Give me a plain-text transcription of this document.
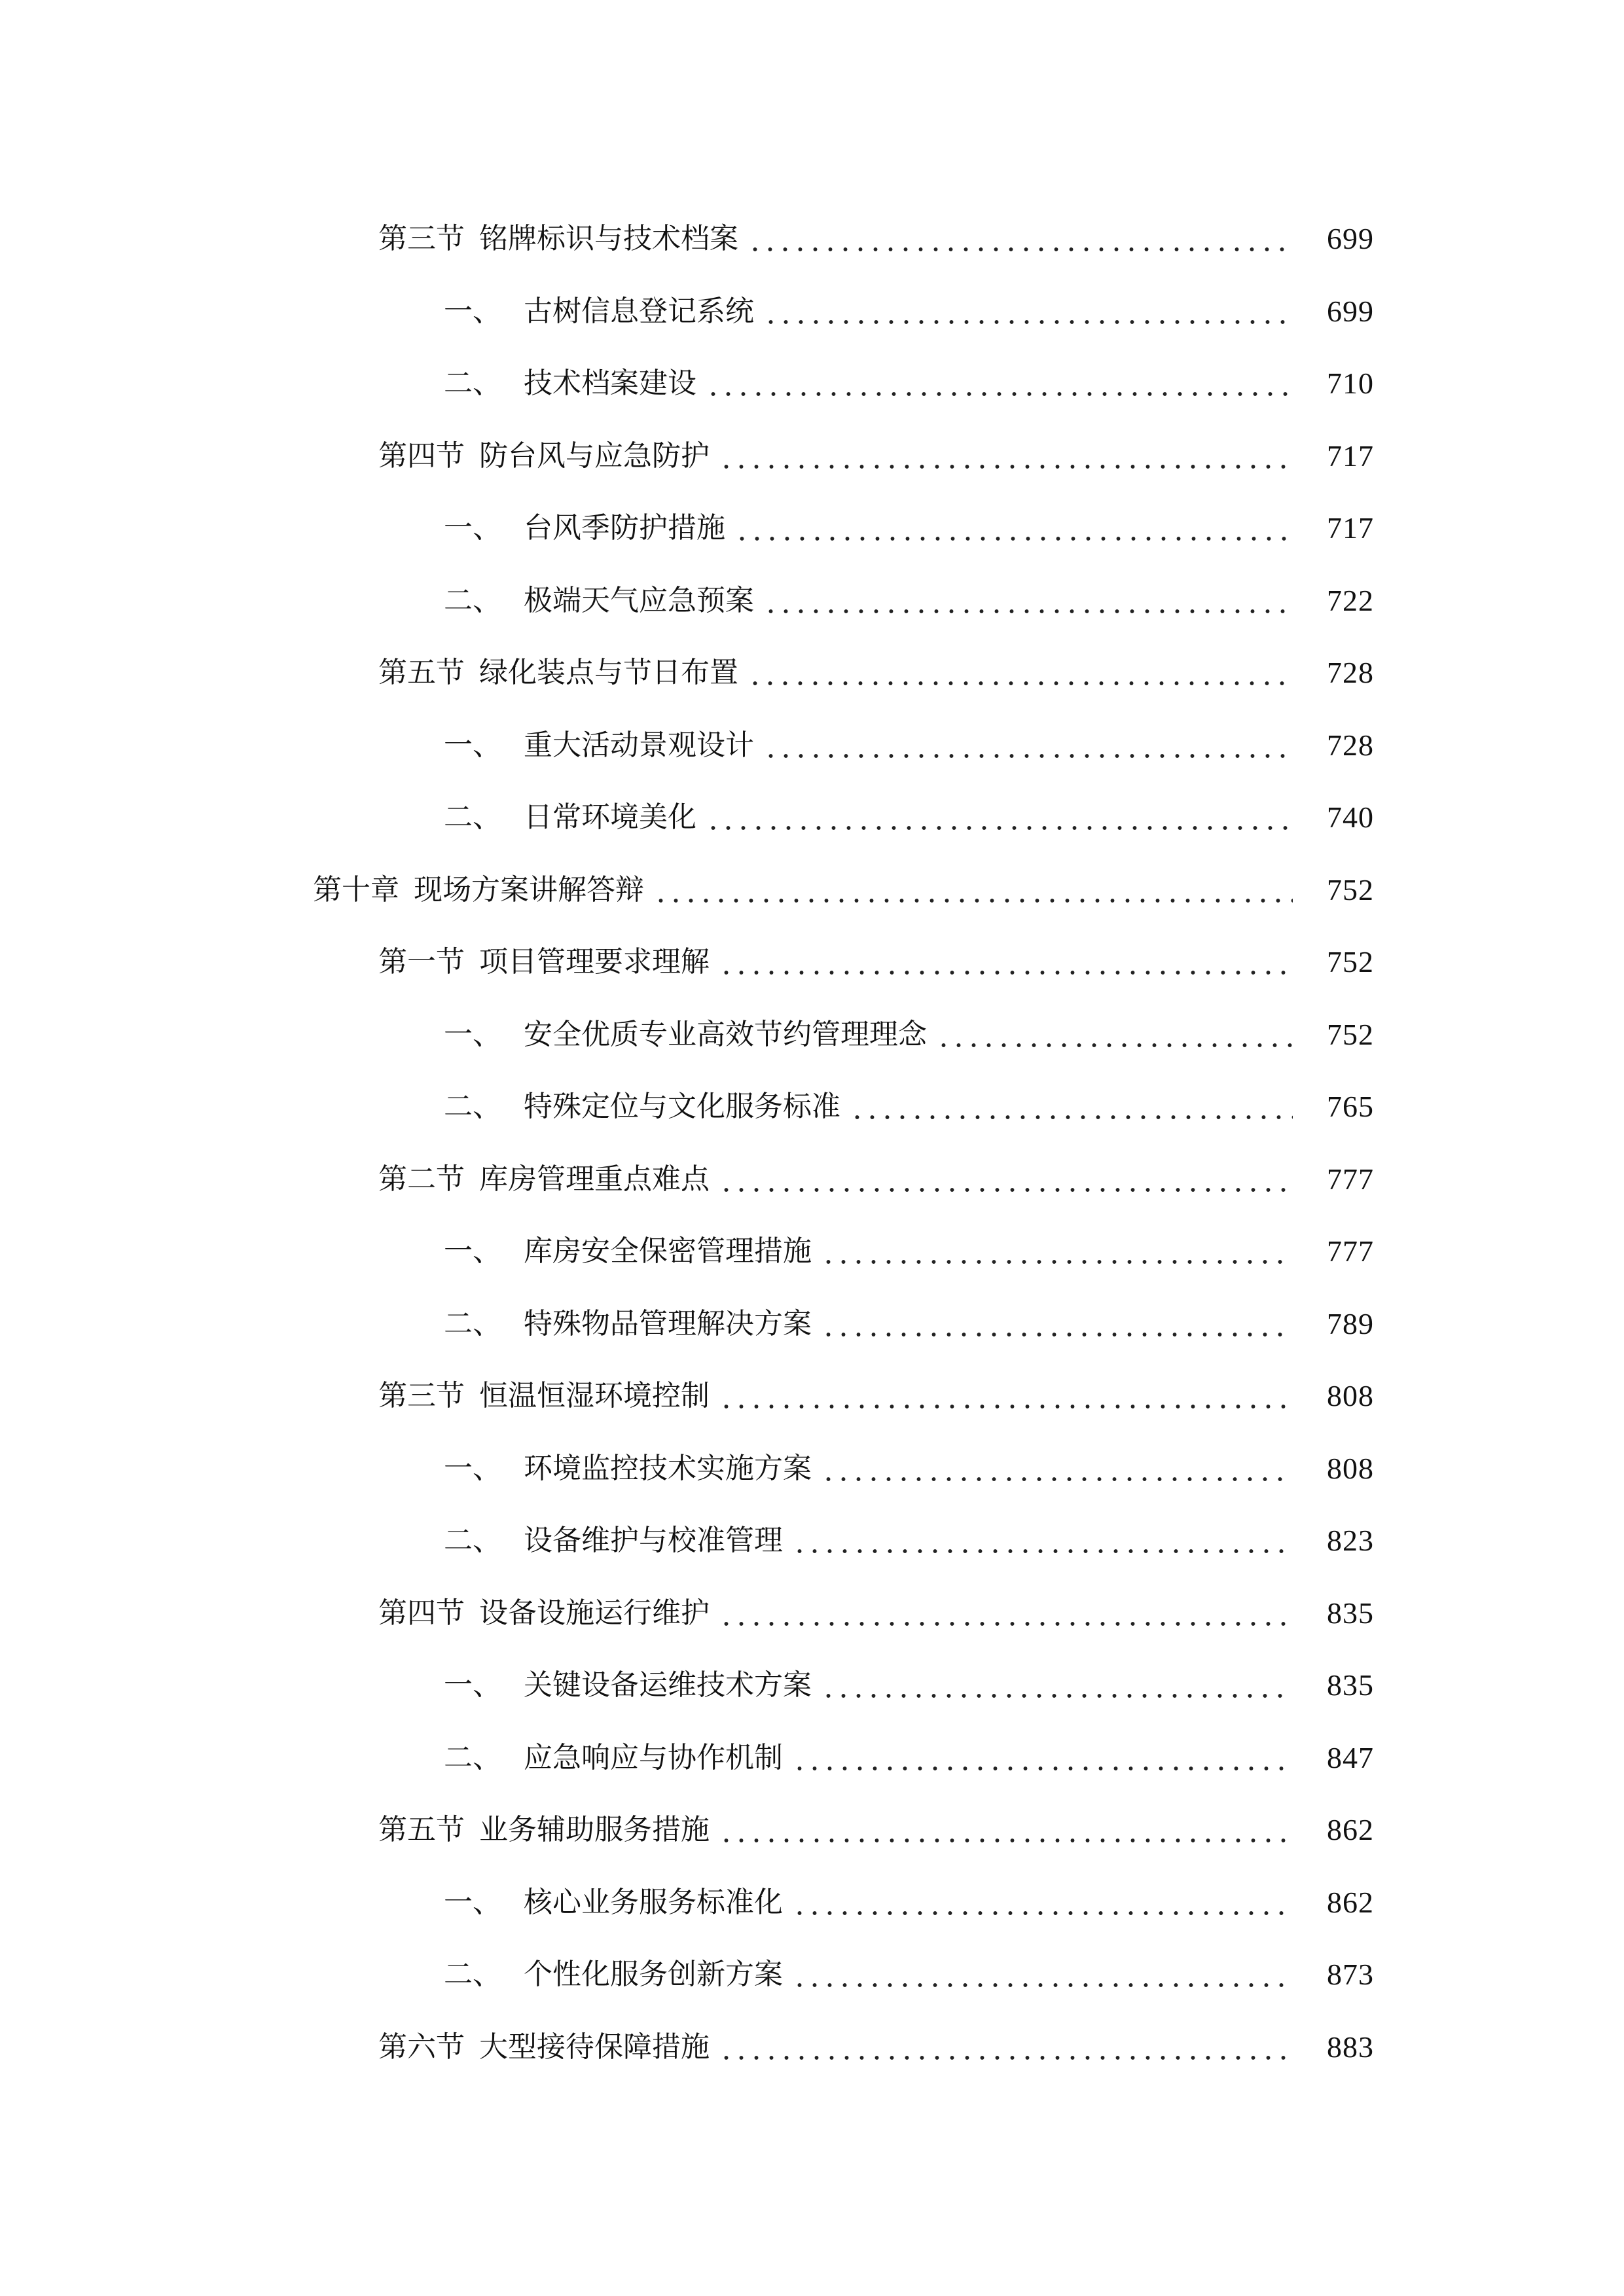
第三节 铭牌标识与技术档案	699
一、 古树信息登记系统	699
二、 技术档案建设	710
第四节 防台风与应急防护	717
一、 台风季防护措施	717
二、 极端天气应急预案	722
第五节 绿化装点与节日布置	728
一、 重大活动景观设计	728
二、 日常环境美化	740
第十章 现场方案讲解答辩	752
第一节 项目管理要求理解	752
一、 安全优质专业高效节约管理理念	752
二、 特殊定位与文化服务标准	765
第二节 库房管理重点难点	777
一、 库房安全保密管理措施	777
二、 特殊物品管理解决方案	789
第三节 恒温恒湿环境控制	808
一、 环境监控技术实施方案	808
二、 设备维护与校准管理	823
第四节 设备设施运行维护	835
一、 关键设备运维技术方案	835
二、 应急响应与协作机制	847
第五节 业务辅助服务措施	862
一、 核心业务服务标准化	862
二、 个性化服务创新方案	873
第六节 大型接待保障措施	883
